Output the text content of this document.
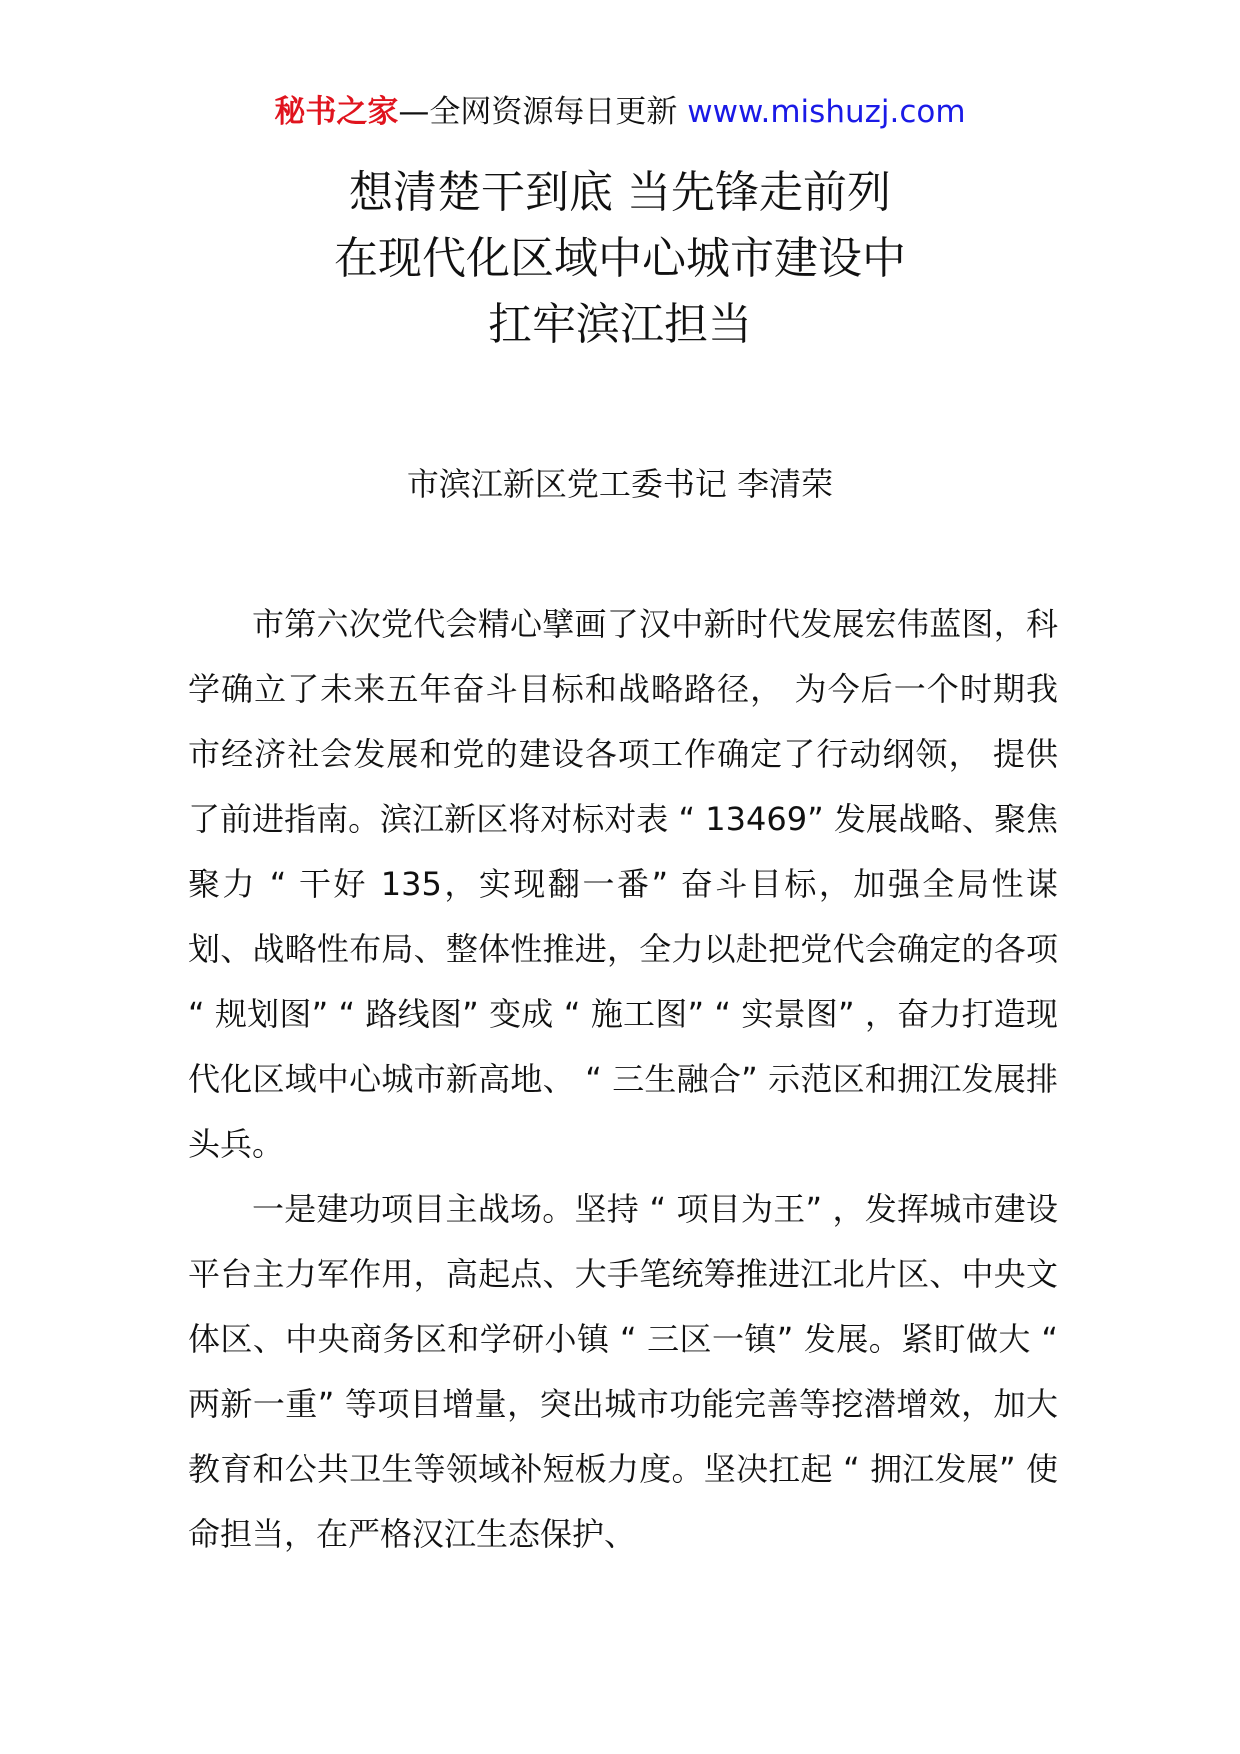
秘书之家—全网资源每日更新 www.mishuzj.com
想清楚干到底 当先锋走前列
在现代化区域中心城市建设中
扛牢滨江担当
市滨江新区党工委书记 李清荣

市第六次党代会精心擘画了汉中新时代发展宏伟蓝图，科学确立了未来五年奋斗目标和战略路径， 为今后一个时期我市经济社会发展和党的建设各项工作确定了行动纲领， 提供了前进指南。滨江新区将对标对表 “ 13469” 发展战略、聚焦聚力 “ 干好 135，实现翻一番” 奋斗目标，加强全局性谋划、战略性布局、整体性推进，全力以赴把党代会确定的各项 “ 规划图” “ 路线图” 变成 “ 施工图” “ 实景图” ，奋力打造现代化区域中心城市新高地、 “ 三生融合” 示范区和拥江发展排头兵。

一是建功项目主战场。坚持 “ 项目为王” ，发挥城市建设平台主力军作用，高起点、大手笔统筹推进江北片区、中央文体区、中央商务区和学研小镇 “ 三区一镇” 发展。紧盯做大 “ 两新一重” 等项目增量，突出城市功能完善等挖潜增效，加大教育和公共卫生等领域补短板力度。坚决扛起 “ 拥江发展” 使命担当，在严格汉江生态保护、
